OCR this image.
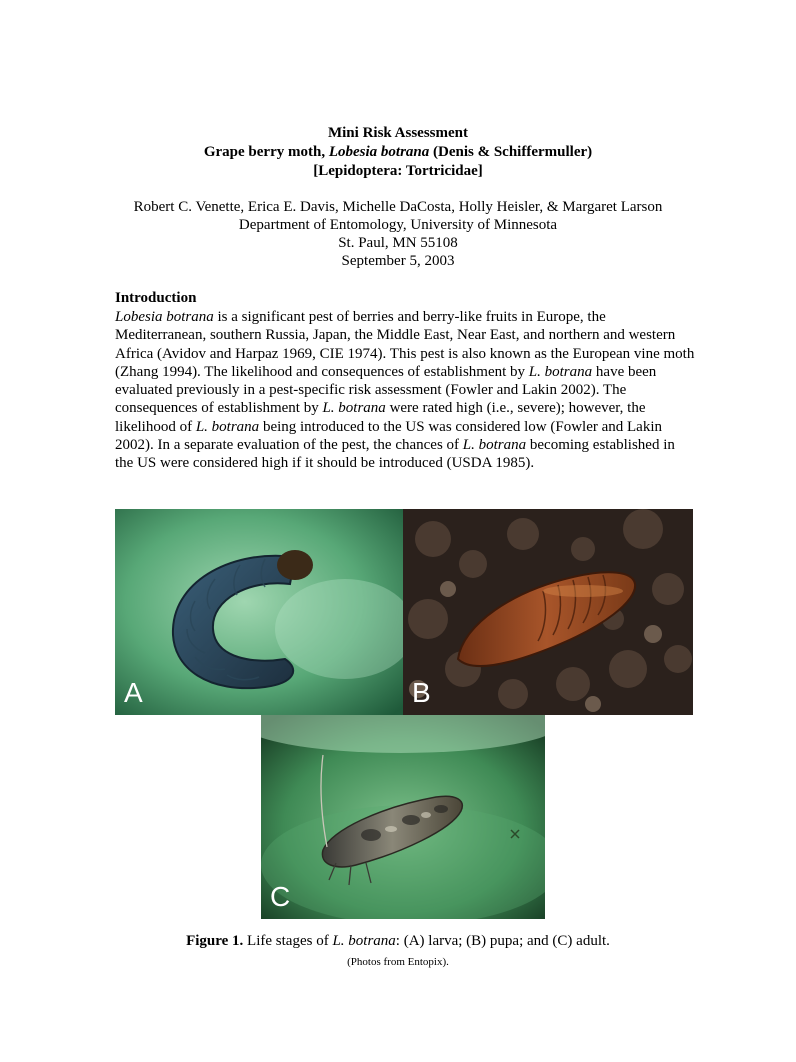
Mini Risk Assessment
Grape berry moth, Lobesia botrana (Denis & Schiffermuller)
[Lepidoptera: Tortricidae]
Robert C. Venette, Erica E. Davis, Michelle DaCosta, Holly Heisler, & Margaret Larson
Department of Entomology, University of Minnesota
St. Paul, MN 55108
September 5, 2003
Introduction

Lobesia botrana is a significant pest of berries and berry-like fruits in Europe, the Mediterranean, southern Russia, Japan, the Middle East, Near East, and northern and western Africa (Avidov and Harpaz 1969, CIE 1974). This pest is also known as the European vine moth (Zhang 1994). The likelihood and consequences of establishment by L. botrana have been evaluated previously in a pest-specific risk assessment (Fowler and Lakin 2002). The consequences of establishment by L. botrana were rated high (i.e., severe); however, the likelihood of L. botrana being introduced to the US was considered low (Fowler and Lakin 2002). In a separate evaluation of the pest, the chances of L. botrana becoming established in the US were considered high if it should be introduced (USDA 1985).

A	B
C
Figure 1. Life stages of L. botrana: (A) larva; (B) pupa; and (C) adult.
(Photos from Entopix).
